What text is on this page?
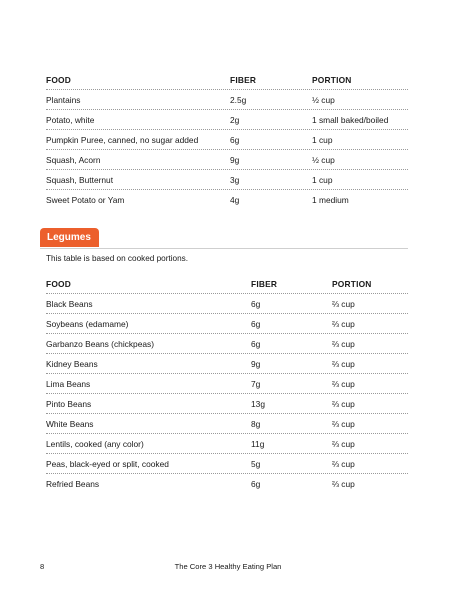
FOOD	FIBER	PORTION
Plantains	2.5g	½ cup
Potato, white	2g	1 small baked/boiled
Pumpkin Puree, canned, no sugar added	6g	1 cup
Squash, Acorn	9g	½ cup
Squash, Butternut	3g	1 cup
Sweet Potato or Yam	4g	1 medium
Legumes
This table is based on cooked portions.
FOOD	FIBER	PORTION
Black Beans	6g	⅔ cup
Soybeans (edamame)	6g	⅔ cup
Garbanzo Beans (chickpeas)	6g	⅔ cup
Kidney Beans	9g	⅔ cup
Lima Beans	7g	⅔ cup
Pinto Beans	13g	⅔ cup
White Beans	8g	⅔ cup
Lentils, cooked (any color)	11g	⅔ cup
Peas, black-eyed or split, cooked	5g	⅔ cup
Refried Beans	6g	⅔ cup
8	The Core 3 Healthy Eating Plan
